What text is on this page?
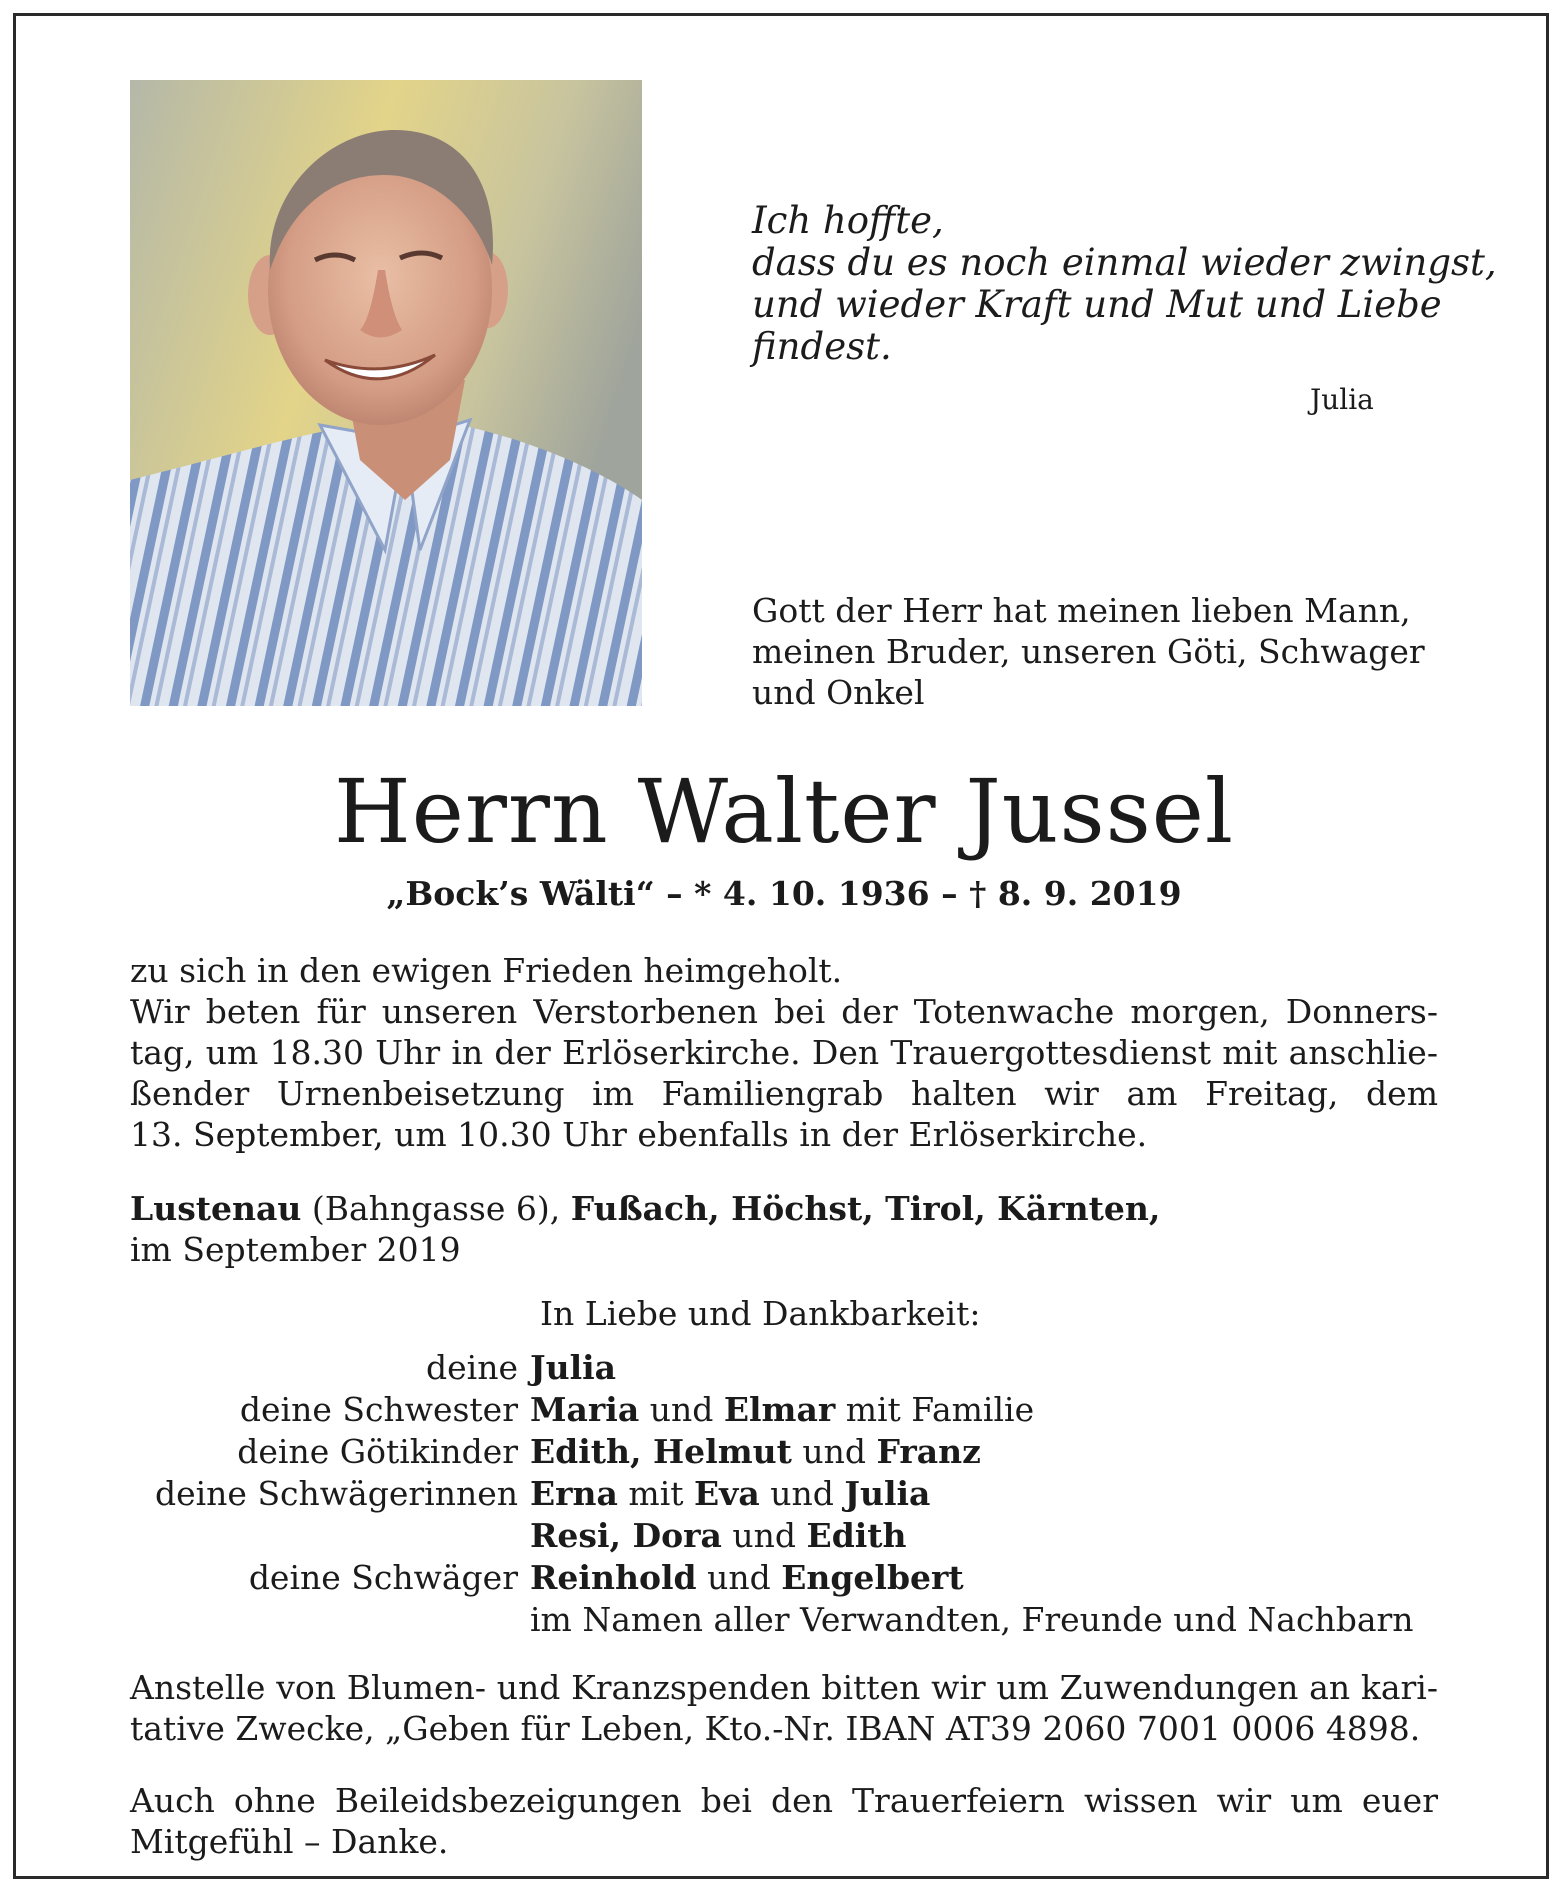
Ich hoffte,
dass du es noch einmal wieder zwingst,
und wieder Kraft und Mut und Liebe
findest.
Julia
Gott der Herr hat meinen lieben Mann,
meinen Bruder, unseren Göti, Schwager
und Onkel
Herrn Walter Jussel
„Bock’s Wälti“ – * 4. 10. 1936 – † 8. 9. 2019
zu sich in den ewigen Frieden heimgeholt.
Wir beten für unseren Verstorbenen bei der Totenwache morgen, Donners-
tag, um 18.30 Uhr in der Erlöserkirche. Den Trauergottesdienst mit anschlie-
ßender Urnenbeisetzung im Familiengrab halten wir am Freitag, dem
13. September, um 10.30 Uhr ebenfalls in der Erlöserkirche.
Lustenau (Bahngasse 6), Fußach, Höchst, Tirol, Kärnten,
im September 2019
In Liebe und Dankbarkeit:
deine Julia
deine Schwester Maria und Elmar mit Familie
deine Götikinder Edith, Helmut und Franz
deine Schwägerinnen Erna mit Eva und Julia
Resi, Dora und Edith
deine Schwäger Reinhold und Engelbert
im Namen aller Verwandten, Freunde und Nachbarn
Anstelle von Blumen- und Kranzspenden bitten wir um Zuwendungen an kari-
tative Zwecke, „Geben für Leben, Kto.-Nr. IBAN AT39 2060 7001 0006 4898.
Auch ohne Beileidsbezeigungen bei den Trauerfeiern wissen wir um euer
Mitgefühl – Danke.
